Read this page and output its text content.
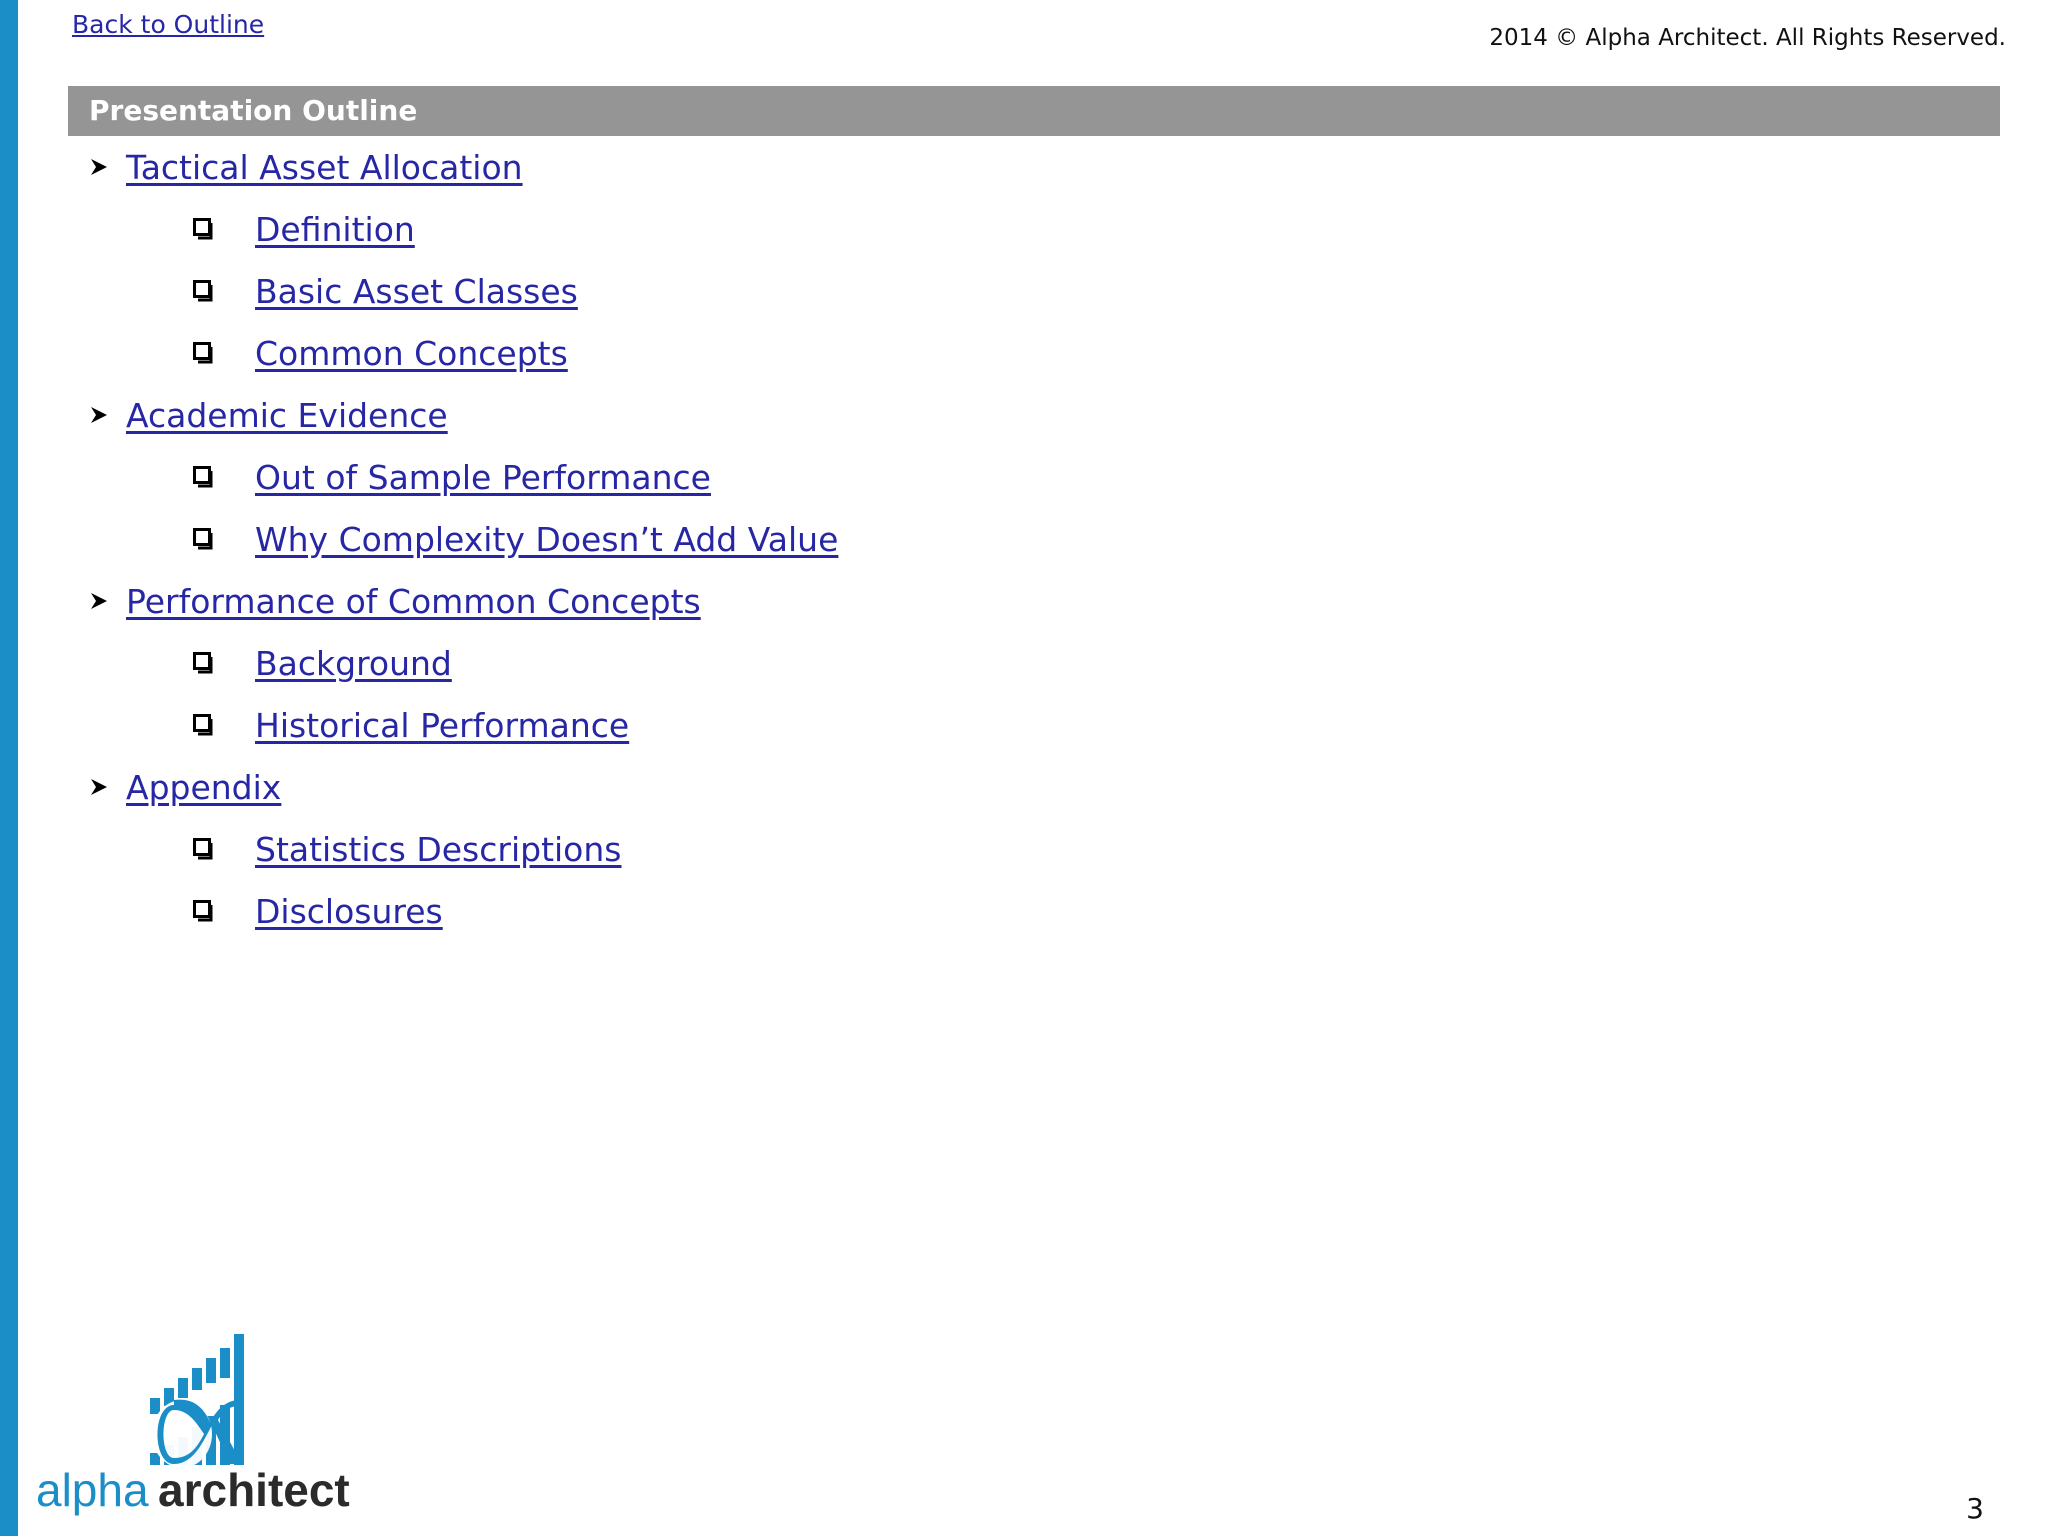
Back to Outline	2014 © Alpha Architect. All Rights Reserved.
Presentation Outline
Tactical Asset Allocation
Definition
Basic Asset Classes
Common Concepts
Academic Evidence
Out of Sample Performance
Why Complexity Doesn’t Add Value
Performance of Common Concepts
Background
Historical Performance
Appendix
Statistics Descriptions
Disclosures
alpha architect	3
